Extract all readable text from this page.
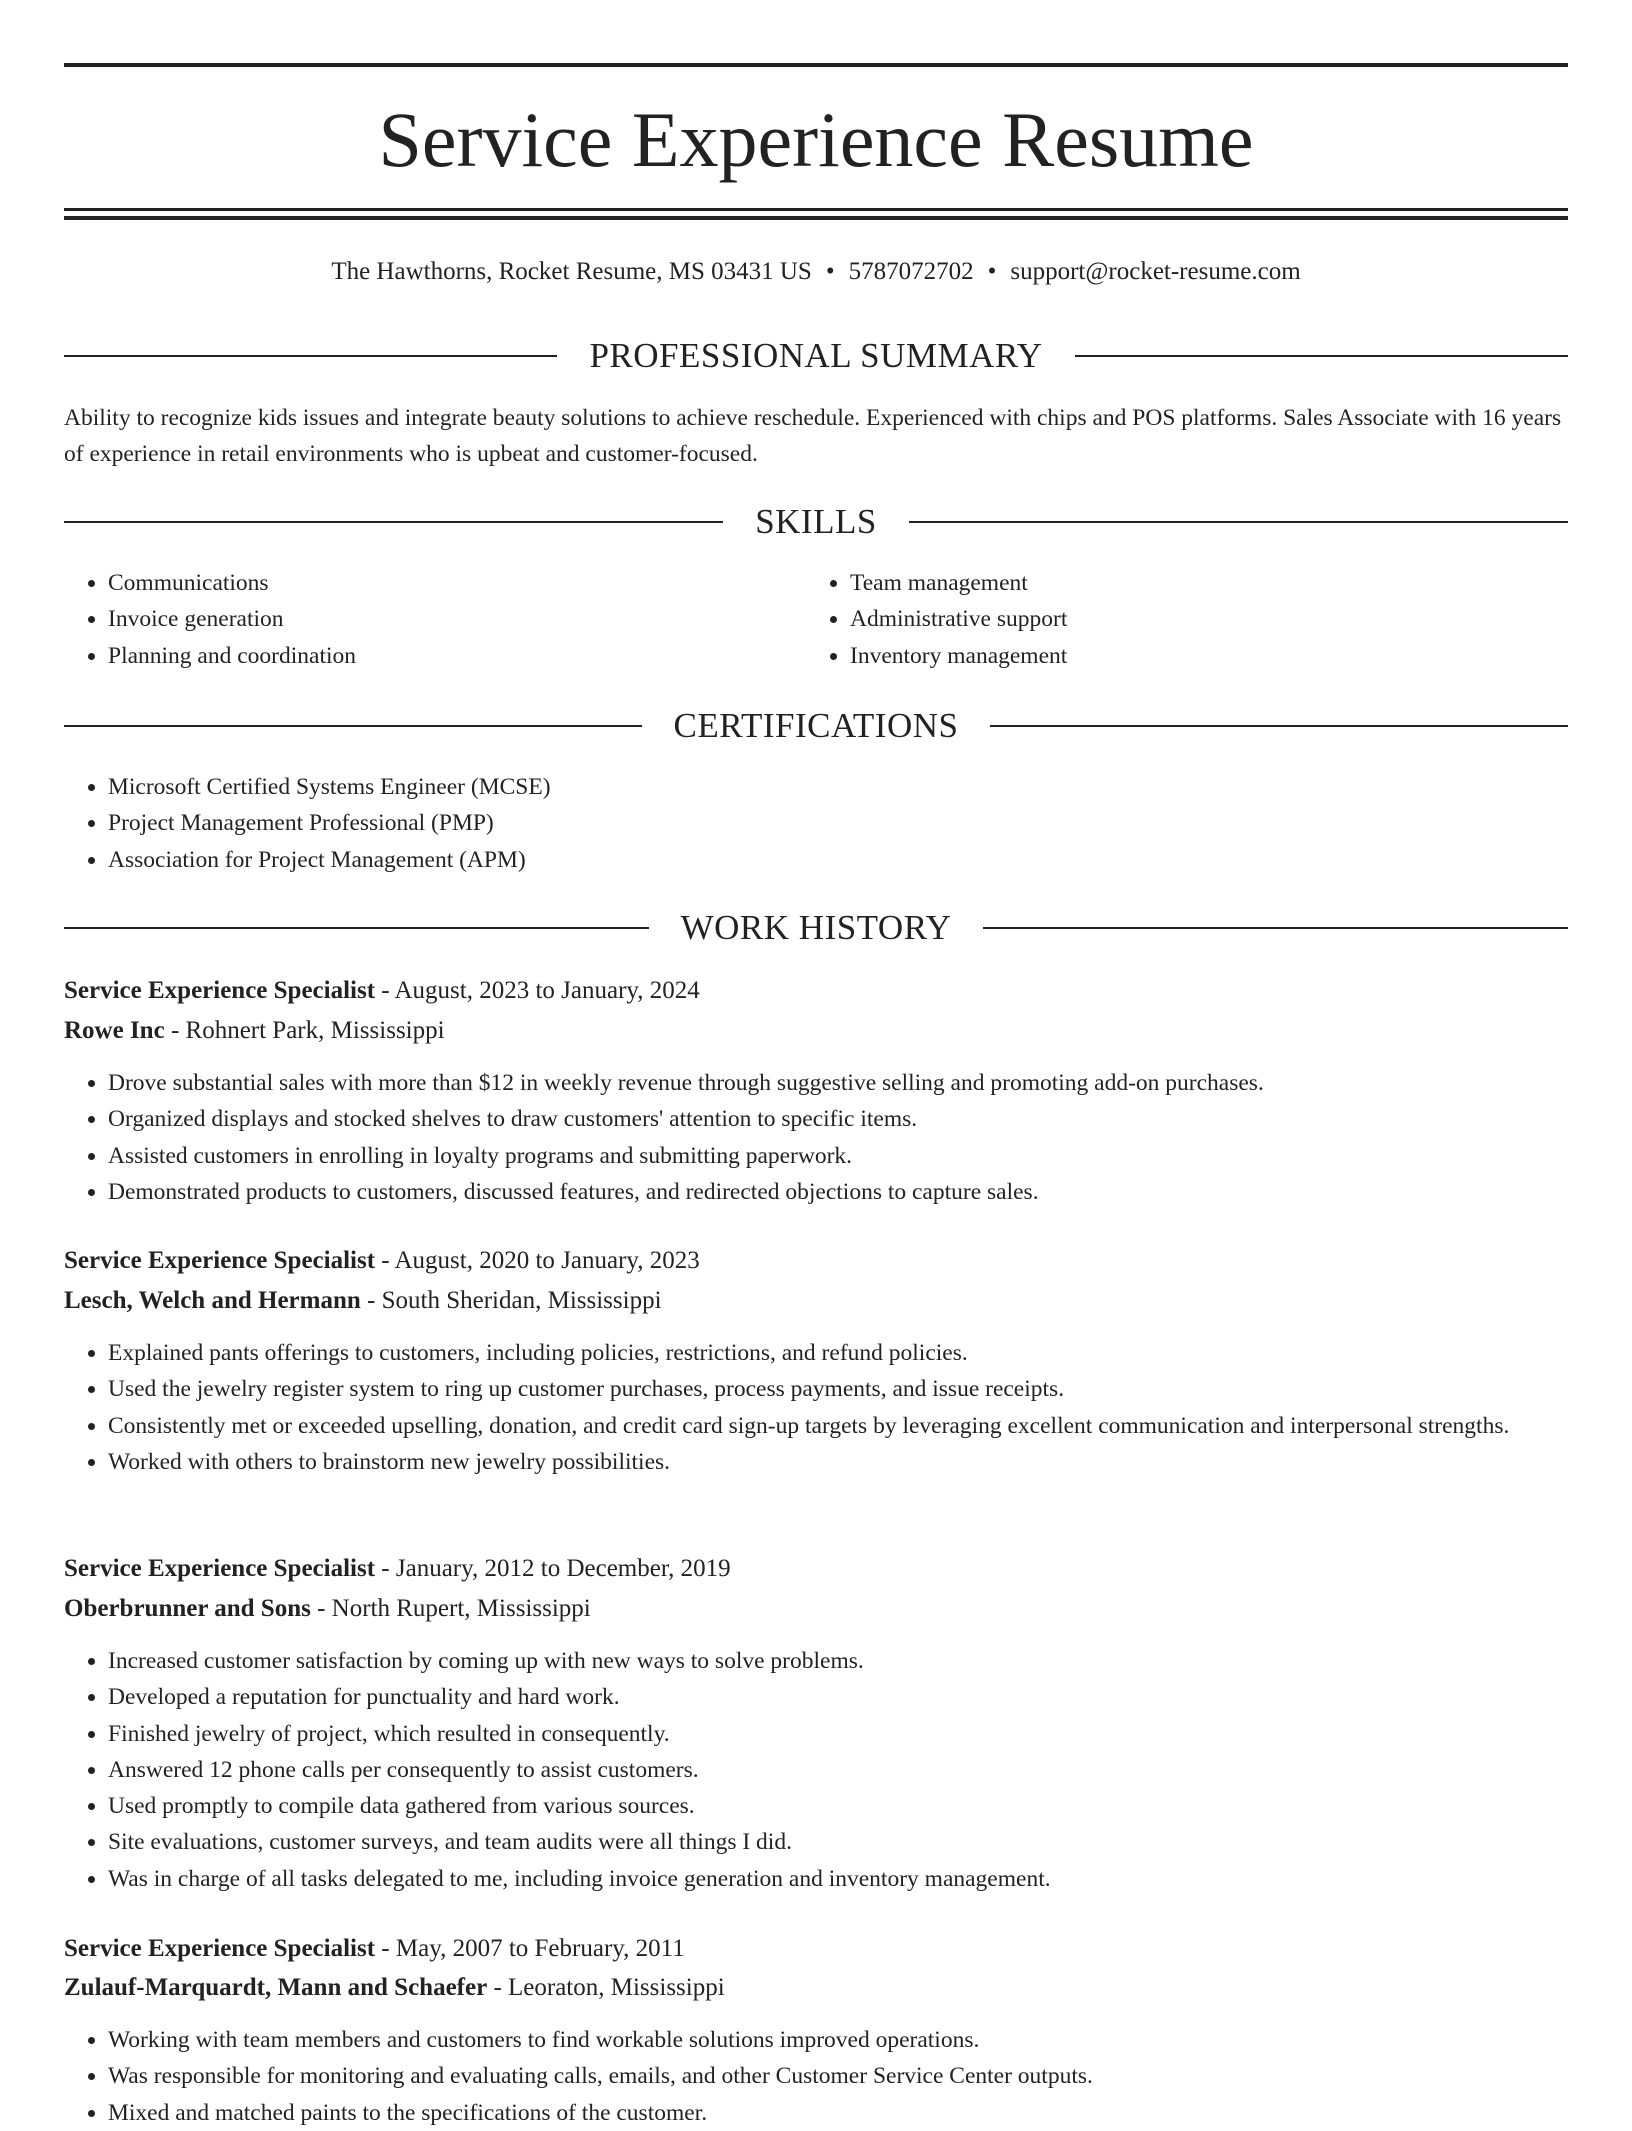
Service Experience Resume
The Hawthorns, Rocket Resume, MS 03431 US • 5787072702 • support@rocket-resume.com
PROFESSIONAL SUMMARY

Ability to recognize kids issues and integrate beauty solutions to achieve reschedule. Experienced with chips and POS platforms. Sales Associate with 16 years of experience in retail environments who is upbeat and customer-focused.

SKILLS
• Communications
• Invoice generation
• Planning and coordination
• Team management
• Administrative support
• Inventory management
CERTIFICATIONS
• Microsoft Certified Systems Engineer (MCSE)
• Project Management Professional (PMP)
• Association for Project Management (APM)
WORK HISTORY
Service Experience Specialist - August, 2023 to January, 2024
Rowe Inc - Rohnert Park, Mississippi
• Drove substantial sales with more than $12 in weekly revenue through suggestive selling and promoting add-on purchases.
• Organized displays and stocked shelves to draw customers' attention to specific items.
• Assisted customers in enrolling in loyalty programs and submitting paperwork.
• Demonstrated products to customers, discussed features, and redirected objections to capture sales.
Service Experience Specialist - August, 2020 to January, 2023
Lesch, Welch and Hermann - South Sheridan, Mississippi
• Explained pants offerings to customers, including policies, restrictions, and refund policies.
• Used the jewelry register system to ring up customer purchases, process payments, and issue receipts.
• Consistently met or exceeded upselling, donation, and credit card sign-up targets by leveraging excellent communication and interpersonal strengths.
• Worked with others to brainstorm new jewelry possibilities.
Service Experience Specialist - January, 2012 to December, 2019
Oberbrunner and Sons - North Rupert, Mississippi
• Increased customer satisfaction by coming up with new ways to solve problems.
• Developed a reputation for punctuality and hard work.
• Finished jewelry of project, which resulted in consequently.
• Answered 12 phone calls per consequently to assist customers.
• Used promptly to compile data gathered from various sources.
• Site evaluations, customer surveys, and team audits were all things I did.
• Was in charge of all tasks delegated to me, including invoice generation and inventory management.
Service Experience Specialist - May, 2007 to February, 2011
Zulauf-Marquardt, Mann and Schaefer - Leoraton, Mississippi
• Working with team members and customers to find workable solutions improved operations.
• Was responsible for monitoring and evaluating calls, emails, and other Customer Service Center outputs.
• Mixed and matched paints to the specifications of the customer.
